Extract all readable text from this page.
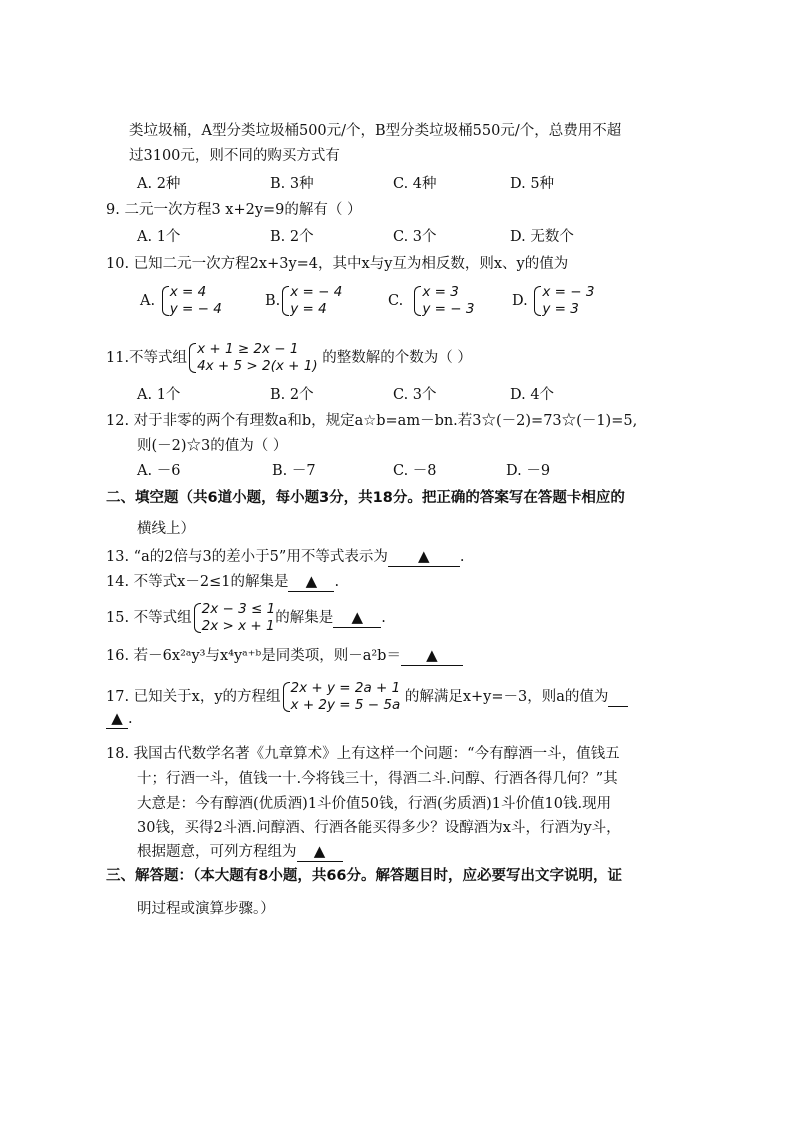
类垃圾桶，A型分类垃圾桶500元/个，B型分类垃圾桶550元/个，总费用不超
过3100元，则不同的购买方式有
A. 2种	B. 3种	C. 4种	D. 5种
9. 二元一次方程3 x+2y=9的解有（ ）
A. 1个	B. 2个	C. 3个	D. 无数个
10. 已知二元一次方程2x+3y=4，其中x与y互为相反数，则x、y的值为
A.
x = 4
y = − 4	B.
x = − 4
y = 4	C.
x = 3
y = − 3	D.
x = − 3
y = 3
11.不等式组
x + 1 ≥ 2x − 1
4x + 5 > 2(x + 1) 的整数解的个数为（ ）
A. 1个	B. 2个	C. 3个	D. 4个
12. 对于非零的两个有理数a和b，规定a☆b=am－bn.若3☆(－2)=73☆(－1)=5,
则(－2)☆3的值为（ ）
A. －6	B. －7	C. －8	D. －9
二、填空题（共6道小题，每小题3分，共18分。把正确的答案写在答题卡相应的
横线上）
13. “a的2倍与3的差小于5”用不等式表示为 ▲ .
14. 不等式x－2≤1的解集是 ▲ .
15. 不等式组
2x − 3 ≤ 1
2x > x + 1 的解集是 ▲ .
16. 若－6x²ᵃy³与x⁴yᵃ⁺ᵇ是同类项，则－a²b＝ ▲
17. 已知关于x，y的方程组
2x + y = 2a + 1
x + 2y = 5 − 5a 的解满足x+y=－3，则a的值为
▲ .
18. 我国古代数学名著《九章算术》上有这样一个问题：“今有醇酒一斗，值钱五
十；行酒一斗，值钱一十.今将钱三十，得酒二斗.问醇、行酒各得几何？”其
大意是：今有醇酒(优质酒)1斗价值50钱，行酒(劣质酒)1斗价值10钱.现用
30钱，买得2斗酒.问醇酒、行酒各能买得多少？设醇酒为x斗，行酒为y斗，
根据题意，可列方程组为 ▲
三、解答题：（本大题有8小题，共66分。解答题目时，应必要写出文字说明，证
明过程或演算步骤。）
